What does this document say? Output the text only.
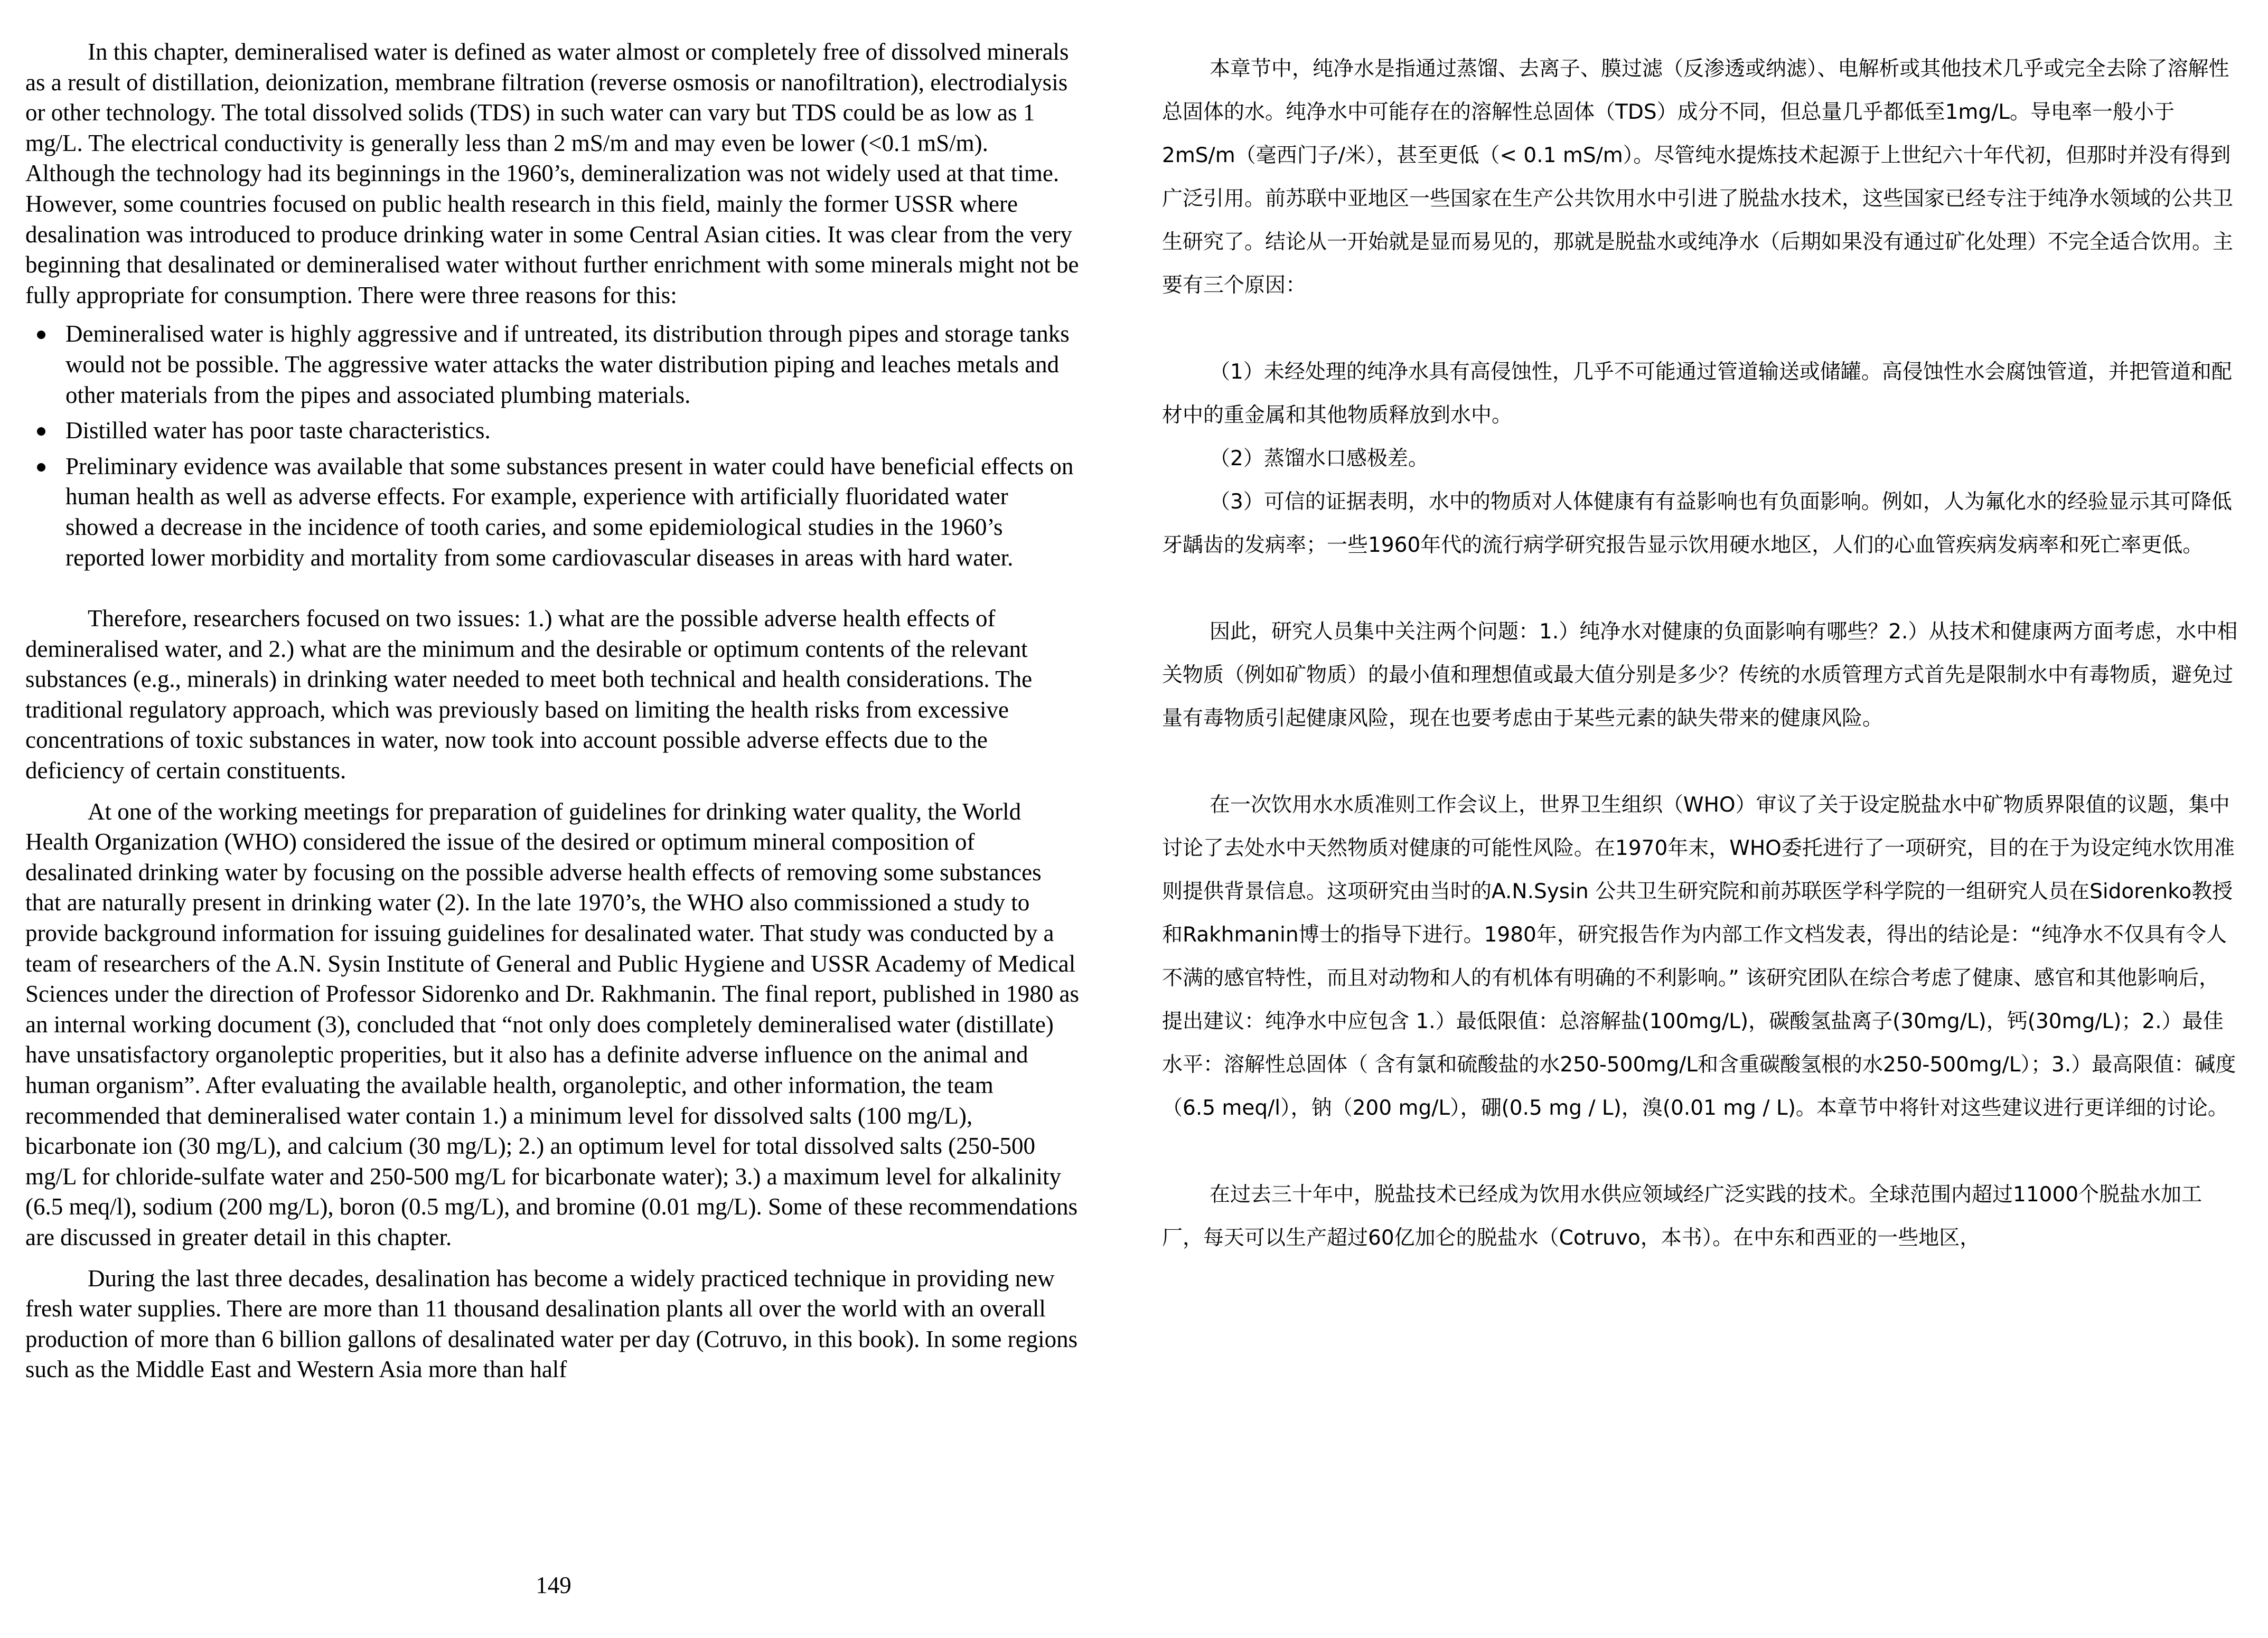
In this chapter, demineralised water is defined as water almost or completely free of dissolved minerals as a result of distillation, deionization, membrane filtration (reverse osmosis or nanofiltration), electrodialysis or other technology. The total dissolved solids (TDS) in such water can vary but TDS could be as low as 1 mg/L. The electrical conductivity is generally less than 2 mS/m and may even be lower (<0.1 mS/m). Although the technology had its beginnings in the 1960’s, demineralization was not widely used at that time. However, some countries focused on public health research in this field, mainly the former USSR where desalination was introduced to produce drinking water in some Central Asian cities. It was clear from the very beginning that desalinated or demineralised water without further enrichment with some minerals might not be fully appropriate for consumption. There were three reasons for this:

Demineralised water is highly aggressive and if untreated, its distribution through pipes and storage tanks would not be possible. The aggressive water attacks the water distribution piping and leaches metals and other materials from the pipes and associated plumbing materials.
Distilled water has poor taste characteristics.
Preliminary evidence was available that some substances present in water could have beneficial effects on human health as well as adverse effects. For example, experience with artificially fluoridated water showed a decrease in the incidence of tooth caries, and some epidemiological studies in the 1960’s reported lower morbidity and mortality from some cardiovascular diseases in areas with hard water.

Therefore, researchers focused on two issues: 1.) what are the possible adverse health effects of demineralised water, and 2.) what are the minimum and the desirable or optimum contents of the relevant substances (e.g., minerals) in drinking water needed to meet both technical and health considerations. The traditional regulatory approach, which was previously based on limiting the health risks from excessive concentrations of toxic substances in water, now took into account possible adverse effects due to the deficiency of certain constituents.

At one of the working meetings for preparation of guidelines for drinking water quality, the World Health Organization (WHO) considered the issue of the desired or optimum mineral composition of desalinated drinking water by focusing on the possible adverse health effects of removing some substances that are naturally present in drinking water (2). In the late 1970’s, the WHO also commissioned a study to provide background information for issuing guidelines for desalinated water. That study was conducted by a team of researchers of the A.N. Sysin Institute of General and Public Hygiene and USSR Academy of Medical Sciences under the direction of Professor Sidorenko and Dr. Rakhmanin. The final report, published in 1980 as an internal working document (3), concluded that “not only does completely demineralised water (distillate) have unsatisfactory organoleptic properities, but it also has a definite adverse influence on the animal and human organism”. After evaluating the available health, organoleptic, and other information, the team recommended that demineralised water contain 1.) a minimum level for dissolved salts (100 mg/L), bicarbonate ion (30 mg/L), and calcium (30 mg/L); 2.) an optimum level for total dissolved salts (250-500 mg/L for chloride-sulfate water and 250-500 mg/L for bicarbonate water); 3.) a maximum level for alkalinity (6.5 meq/l), sodium (200 mg/L), boron (0.5 mg/L), and bromine (0.01 mg/L). Some of these recommendations are discussed in greater detail in this chapter.

During the last three decades, desalination has become a widely practiced technique in providing new fresh water supplies. There are more than 11 thousand desalination plants all over the world with an overall production of more than 6 billion gallons of desalinated water per day (Cotruvo, in this book). In some regions such as the Middle East and Western Asia more than half

149

本章节中，纯净水是指通过蒸馏、去离子、膜过滤（反渗透或纳滤）、电解析或其他技术几乎或完全去除了溶解性总固体的水。纯净水中可能存在的溶解性总固体（TDS）成分不同，但总量几乎都低至1mg/L。导电率一般小于2mS/m（毫西门子/米），甚至更低（< 0.1 mS/m）。尽管纯水提炼技术起源于上世纪六十年代初，但那时并没有得到广泛引用。前苏联中亚地区一些国家在生产公共饮用水中引进了脱盐水技术，这些国家已经专注于纯净水领域的公共卫生研究了。结论从一开始就是显而易见的，那就是脱盐水或纯净水（后期如果没有通过矿化处理）不完全适合饮用。主要有三个原因：

（1）未经处理的纯净水具有高侵蚀性，几乎不可能通过管道输送或储罐。高侵蚀性水会腐蚀管道，并把管道和配材中的重金属和其他物质释放到水中。

（2）蒸馏水口感极差。

（3）可信的证据表明，水中的物质对人体健康有有益影响也有负面影响。例如，人为氟化水的经验显示其可降低牙龋齿的发病率；一些1960年代的流行病学研究报告显示饮用硬水地区，人们的心血管疾病发病率和死亡率更低。

因此，研究人员集中关注两个问题：1.）纯净水对健康的负面影响有哪些？2.）从技术和健康两方面考虑，水中相关物质（例如矿物质）的最小值和理想值或最大值分别是多少？传统的水质管理方式首先是限制水中有毒物质，避免过量有毒物质引起健康风险，现在也要考虑由于某些元素的缺失带来的健康风险。

在一次饮用水水质准则工作会议上，世界卫生组织（WHO）审议了关于设定脱盐水中矿物质界限值的议题，集中讨论了去处水中天然物质对健康的可能性风险。在1970年末，WHO委托进行了一项研究，目的在于为设定纯水饮用准则提供背景信息。这项研究由当时的A.N.Sysin 公共卫生研究院和前苏联医学科学院的一组研究人员在Sidorenko教授和Rakhmanin博士的指导下进行。1980年，研究报告作为内部工作文档发表，得出的结论是：“纯净水不仅具有令人不满的感官特性，而且对动物和人的有机体有明确的不利影响。” 该研究团队在综合考虑了健康、感官和其他影响后，提出建议：纯净水中应包含 1.）最低限值：总溶解盐(100mg/L)，碳酸氢盐离子(30mg/L)，钙(30mg/L)；2.）最佳水平：溶解性总固体（ 含有氯和硫酸盐的水250-500mg/L和含重碳酸氢根的水250-500mg/L）；3.）最高限值：碱度（6.5 meq/l），钠（200 mg/L），硼(0.5 mg / L)，溴(0.01 mg / L)。本章节中将针对这些建议进行更详细的讨论。

在过去三十年中，脱盐技术已经成为饮用水供应领域经广泛实践的技术。全球范围内超过11000个脱盐水加工厂，每天可以生产超过60亿加仑的脱盐水（Cotruvo，本书）。在中东和西亚的一些地区，
